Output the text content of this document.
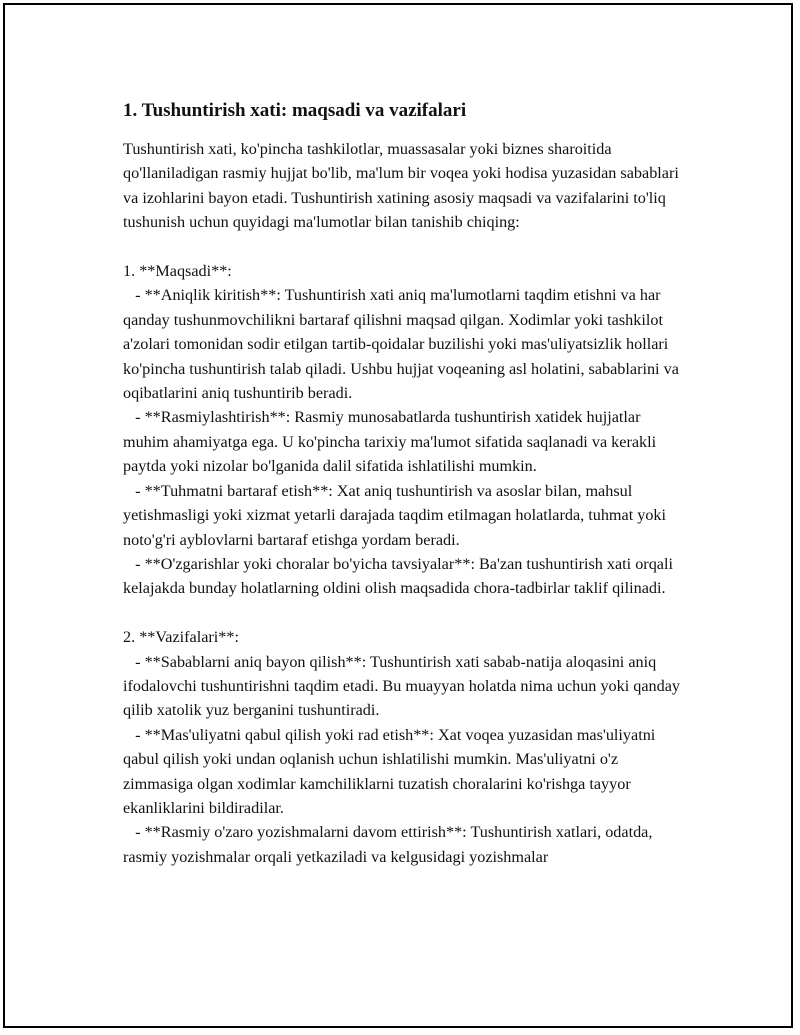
1. Tushuntirish xati: maqsadi va vazifalari

Tushuntirish xati, ko'pincha tashkilotlar, muassasalar yoki biznes sharoitida qo'llaniladigan rasmiy hujjat bo'lib, ma'lum bir voqea yoki hodisa yuzasidan sabablari va izohlarini bayon etadi. Tushuntirish xatining asosiy maqsadi va vazifalarini to'liq tushunish uchun quyidagi ma'lumotlar bilan tanishib chiqing:

1. **Maqsadi**:
- **Aniqlik kiritish**: Tushuntirish xati aniq ma'lumotlarni taqdim etishni va har qanday tushunmovchilikni bartaraf qilishni maqsad qilgan. Xodimlar yoki tashkilot a'zolari tomonidan sodir etilgan tartib-qoidalar buzilishi yoki mas'uliyatsizlik hollari ko'pincha tushuntirish talab qiladi. Ushbu hujjat voqeaning asl holatini, sabablarini va oqibatlarini aniq tushuntirib beradi.
- **Rasmiylashtirish**: Rasmiy munosabatlarda tushuntirish xatidek hujjatlar muhim ahamiyatga ega. U ko'pincha tarixiy ma'lumot sifatida saqlanadi va kerakli paytda yoki nizolar bo'lganida dalil sifatida ishlatilishi mumkin.
- **Tuhmatni bartaraf etish**: Xat aniq tushuntirish va asoslar bilan, mahsul yetishmasligi yoki xizmat yetarli darajada taqdim etilmagan holatlarda, tuhmat yoki noto'g'ri ayblovlarni bartaraf etishga yordam beradi.
- **O'zgarishlar yoki choralar bo'yicha tavsiyalar**: Ba'zan tushuntirish xati orqali kelajakda bunday holatlarning oldini olish maqsadida chora-tadbirlar taklif qilinadi.

2. **Vazifalari**:
- **Sabablarni aniq bayon qilish**: Tushuntirish xati sabab-natija aloqasini aniq ifodalovchi tushuntirishni taqdim etadi. Bu muayyan holatda nima uchun yoki qanday qilib xatolik yuz berganini tushuntiradi.
- **Mas'uliyatni qabul qilish yoki rad etish**: Xat voqea yuzasidan mas'uliyatni qabul qilish yoki undan oqlanish uchun ishlatilishi mumkin. Mas'uliyatni o'z zimmasiga olgan xodimlar kamchiliklarni tuzatish choralarini ko'rishga tayyor ekanliklarini bildiradilar.
- **Rasmiy o'zaro yozishmalarni davom ettirish**: Tushuntirish xatlari, odatda, rasmiy yozishmalar orqali yetkaziladi va kelgusidagi yozishmalar
